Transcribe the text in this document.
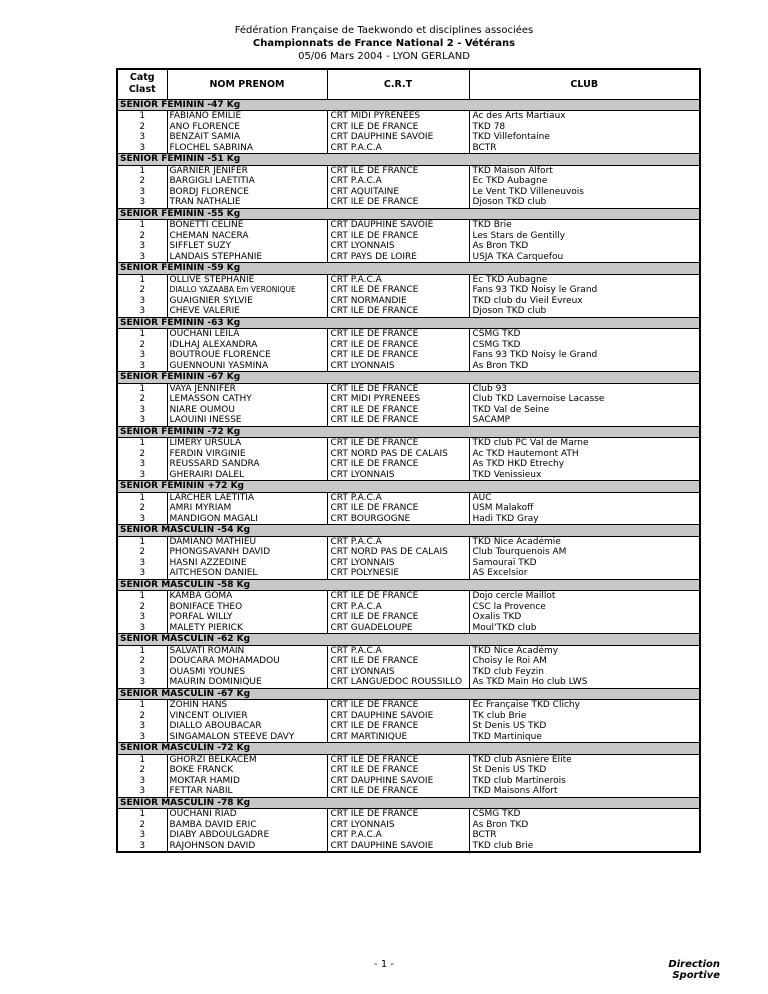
Fédération Française de Taekwondo et disciplines associées
Championnats de France National 2 - Vétérans
05/06 Mars 2004 - LYON GERLAND
Catg
Clast	NOM PRENOM	C.R.T	CLUB
SENIOR FEMININ -47 Kg			
1	FABIANO EMILIE	CRT MIDI PYRENEES	Ac des Arts Martiaux
2	ANO FLORENCE	CRT ILE DE FRANCE	TKD 78
3	BENZAIT SAMIA	CRT DAUPHINE SAVOIE	TKD Villefontaine
3	FLOCHEL SABRINA	CRT P.A.C.A	BCTR
SENIOR FEMININ -51 Kg			
1	GARNIER JENIFER	CRT ILE DE FRANCE	TKD Maison Alfort
2	BARGIGLI LAETITIA	CRT P.A.C.A	Ec TKD Aubagne
3	BORDJ FLORENCE	CRT AQUITAINE	Le Vent TKD Villeneuvois
3	TRAN NATHALIE	CRT ILE DE FRANCE	Djoson TKD club
SENIOR FEMININ -55 Kg			
1	BONETTI CELINE	CRT DAUPHINE SAVOIE	TKD Brie
2	CHEMAN NACERA	CRT ILE DE FRANCE	Les Stars de Gentilly
3	SIFFLET SUZY	CRT LYONNAIS	As Bron TKD
3	LANDAIS STEPHANIE	CRT PAYS DE LOIRE	USJA TKA Carquefou
SENIOR FEMININ -59 Kg			
1	OLLIVE STEPHANIE	CRT P.A.C.A	Ec TKD Aubagne
2	DIALLO YAZAABA Em VERONIQUE	CRT ILE DE FRANCE	Fans 93 TKD Noisy le Grand
3	GUAIGNIER SYLVIE	CRT NORMANDIE	TKD club du Vieil Evreux
3	CHEVE VALERIE	CRT ILE DE FRANCE	Djoson TKD club
SENIOR FEMININ -63 Kg			
1	OUCHANI LEILA	CRT ILE DE FRANCE	CSMG TKD
2	IDLHAJ ALEXANDRA	CRT ILE DE FRANCE	CSMG TKD
3	BOUTROUE FLORENCE	CRT ILE DE FRANCE	Fans 93 TKD Noisy le Grand
3	GUENNOUNI YASMINA	CRT LYONNAIS	As Bron TKD
SENIOR FEMININ -67 Kg			
1	VAYA JENNIFER	CRT ILE DE FRANCE	Club 93
2	LEMASSON CATHY	CRT MIDI PYRENEES	Club TKD Lavernoise Lacasse
3	NIARE OUMOU	CRT ILE DE FRANCE	TKD Val de Seine
3	LAOUINI INESSE	CRT ILE DE FRANCE	SACAMP
SENIOR FEMININ -72 Kg			
1	LIMERY URSULA	CRT ILE DE FRANCE	TKD club PC Val de Marne
2	FERDIN VIRGINIE	CRT NORD PAS DE CALAIS	Ac TKD Hautemont ATH
3	REUSSARD SANDRA	CRT ILE DE FRANCE	As TKD HKD Etrechy
3	GHERAIRI DALEL	CRT LYONNAIS	TKD Venissieux
SENIOR FEMININ +72 Kg			
1	LARCHER LAETITIA	CRT P.A.C.A	AUC
2	AMRI MYRIAM	CRT ILE DE FRANCE	USM Malakoff
3	MANDIGON MAGALI	CRT BOURGOGNE	Hadi TKD Gray
SENIOR MASCULIN -54 Kg			
1	DAMIANO MATHIEU	CRT P.A.C.A	TKD Nice Académie
2	PHONGSAVANH DAVID	CRT NORD PAS DE CALAIS	Club Tourquenois AM
3	HASNI AZZEDINE	CRT LYONNAIS	Samouraï TKD
3	AITCHESON DANIEL	CRT POLYNESIE	AS Excelsior
SENIOR MASCULIN -58 Kg			
1	KAMBA GOMA	CRT ILE DE FRANCE	Dojo cercle Maillot
2	BONIFACE THEO	CRT P.A.C.A	CSC la Provence
3	PORFAL WILLY	CRT ILE DE FRANCE	Oxalis TKD
3	MALETY PIERICK	CRT GUADELOUPE	Moul'TKD club
SENIOR MASCULIN -62 Kg			
1	SALVATI ROMAIN	CRT P.A.C.A	TKD Nice Académy
2	DOUCARA MOHAMADOU	CRT ILE DE FRANCE	Choisy le Roi AM
3	OUASMI YOUNES	CRT LYONNAIS	TKD club Feyzin
3	MAURIN DOMINIQUE	CRT LANGUEDOC ROUSSILLO	As TKD Main Ho club LWS
SENIOR MASCULIN -67 Kg			
1	ZOHIN HANS	CRT ILE DE FRANCE	Ec Française TKD Clichy
2	VINCENT OLIVIER	CRT DAUPHINE SAVOIE	TK club Brie
3	DIALLO ABOUBACAR	CRT ILE DE FRANCE	St Denis US TKD
3	SINGAMALON STEEVE DAVY	CRT MARTINIQUE	TKD Martinique
SENIOR MASCULIN -72 Kg			
1	GHORZI BELKACEM	CRT ILE DE FRANCE	TKD club Asnière Elite
2	BOKE FRANCK	CRT ILE DE FRANCE	St Denis US TKD
3	MOKTAR HAMID	CRT DAUPHINE SAVOIE	TKD club Martinerois
3	FETTAR NABIL	CRT ILE DE FRANCE	TKD Maisons Alfort
SENIOR MASCULIN -78 Kg			
1	OUCHANI RIAD	CRT ILE DE FRANCE	CSMG TKD
2	BAMBA DAVID ERIC	CRT LYONNAIS	As Bron TKD
3	DIABY ABDOULGADRE	CRT P.A.C.A	BCTR
3	RAJOHNSON DAVID	CRT DAUPHINE SAVOIE	TKD club Brie
- 1 -	Direction Sportive
